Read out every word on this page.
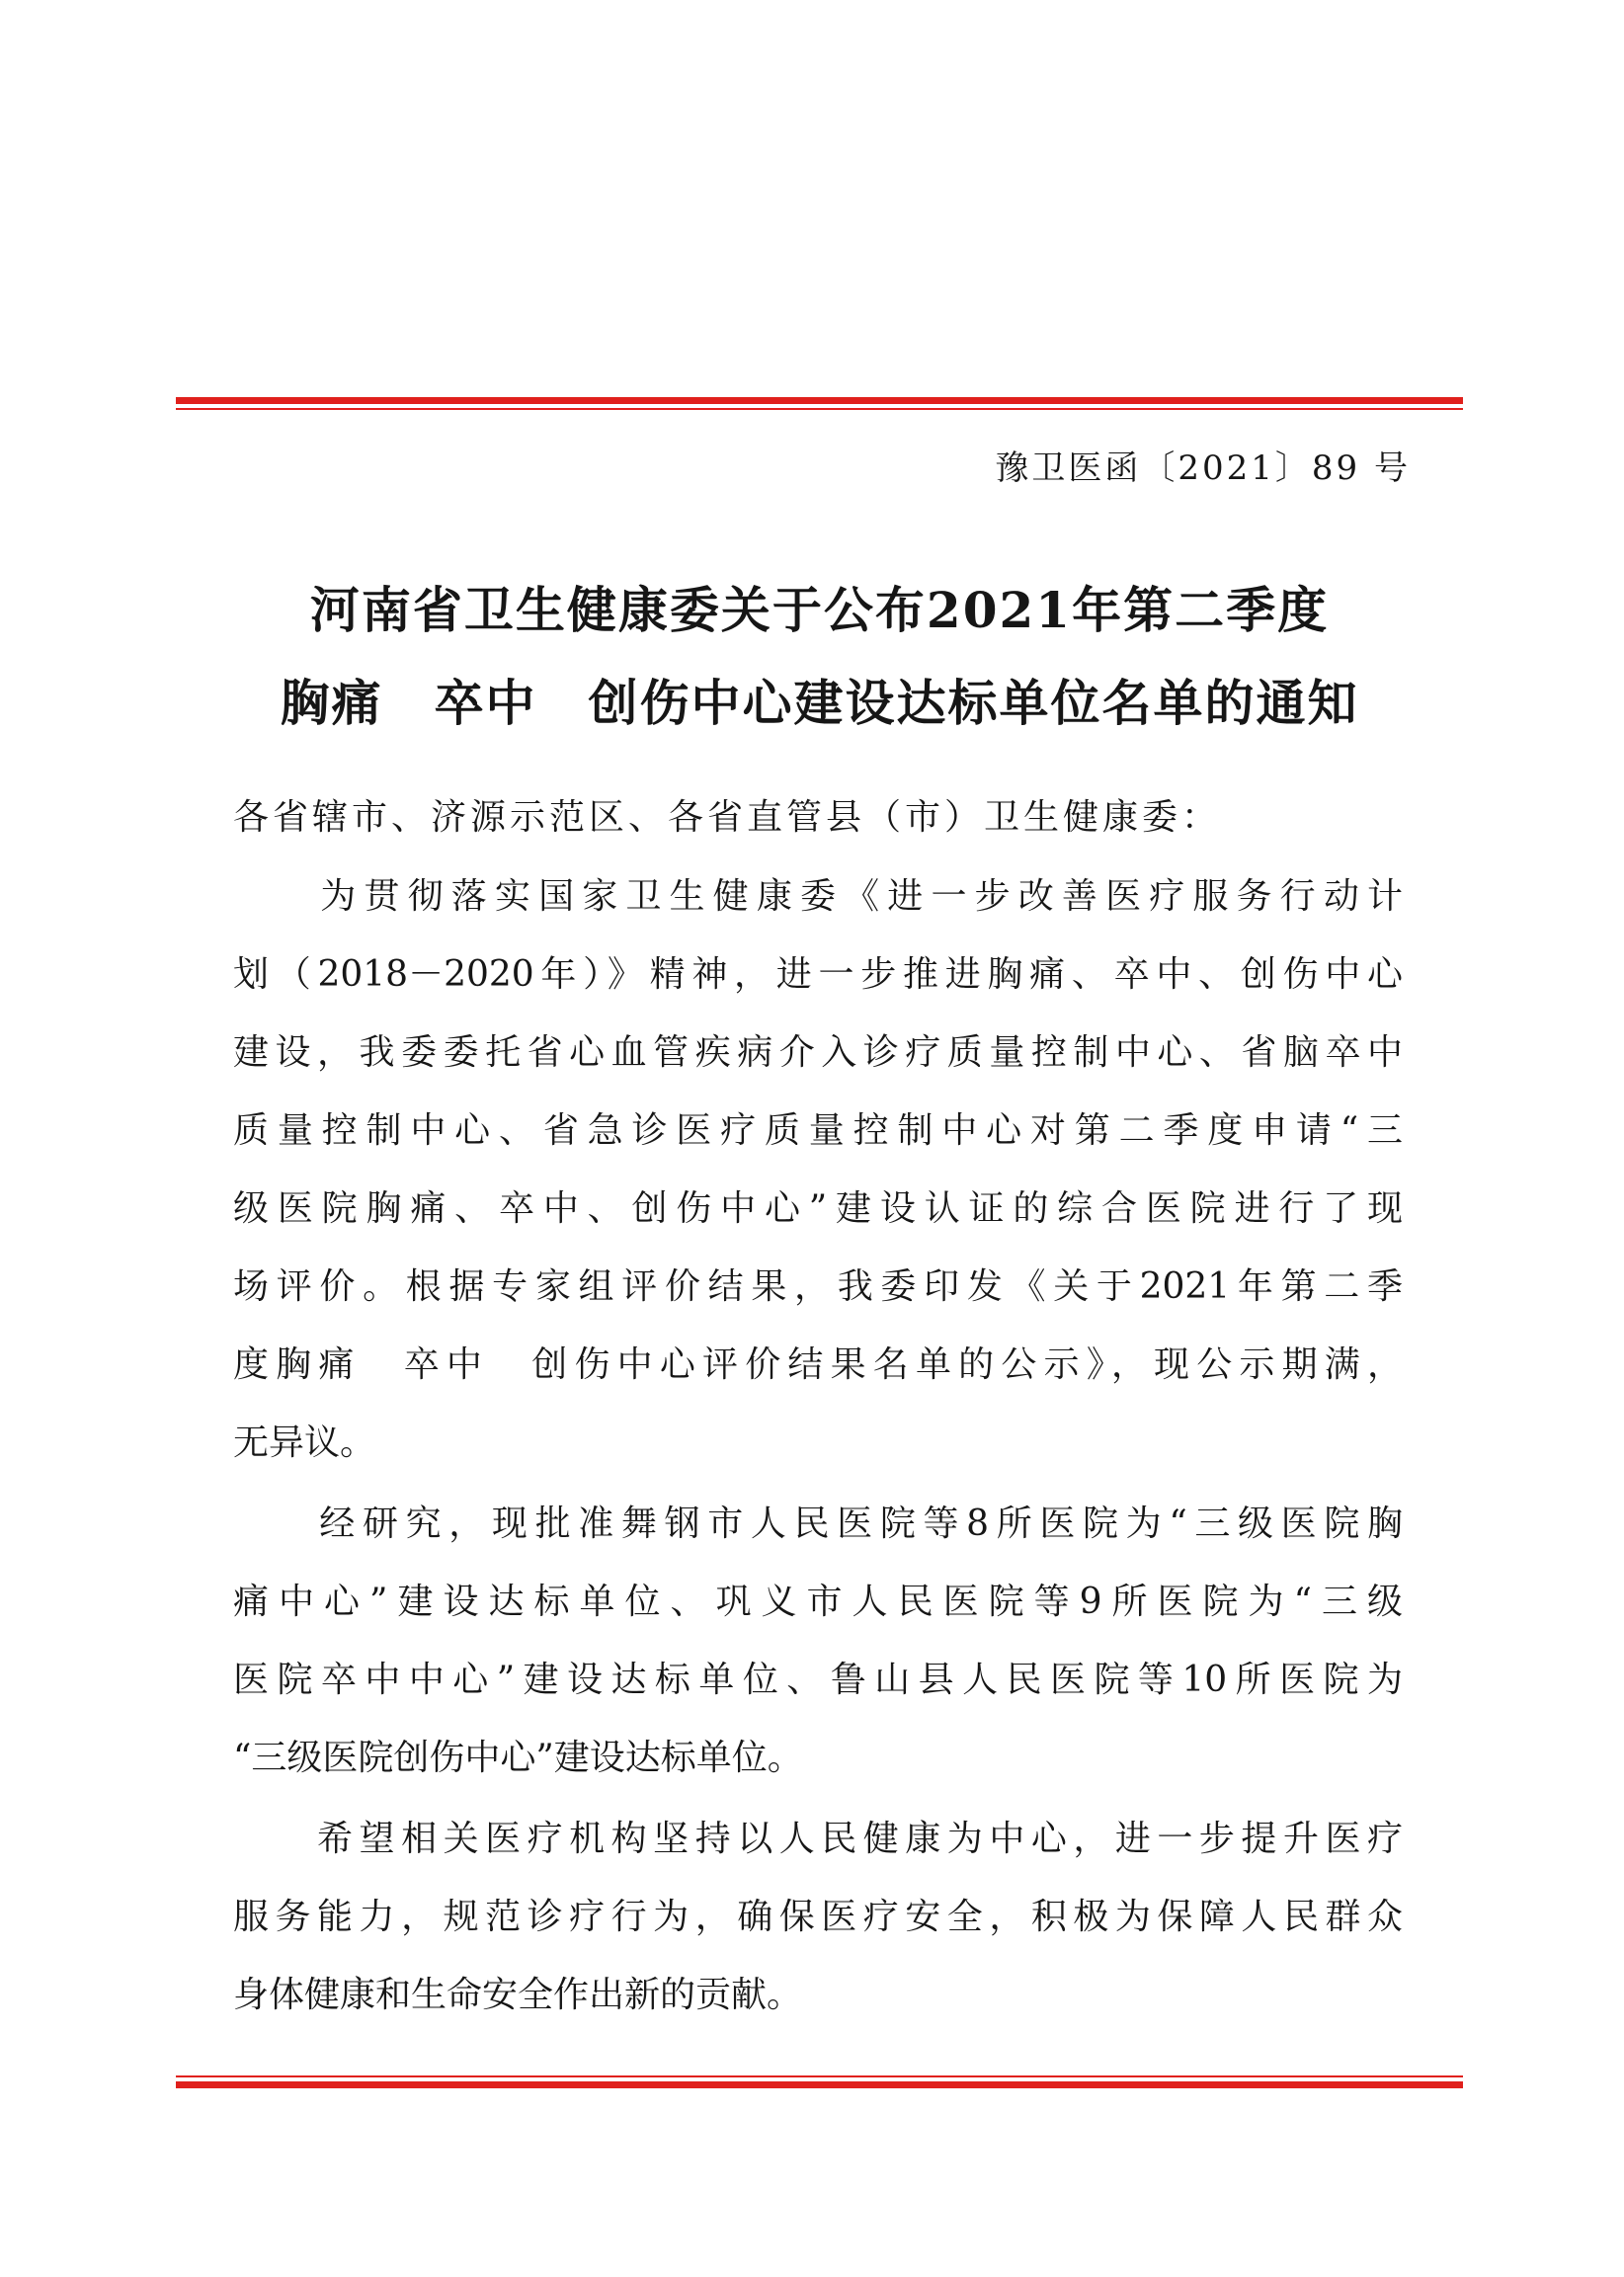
豫卫医函〔2021〕89 号
河南省卫生健康委关于公布2021年第二季度
胸痛　卒中　创伤中心建设达标单位名单的通知
各省辖市、济源示范区、各省直管县（市）卫生健康委：
　　为贯彻落实国家卫生健康委《进一步改善医疗服务行动计
划（2018－2020年）》精神，进一步推进胸痛、卒中、创伤中心
建设，我委委托省心血管疾病介入诊疗质量控制中心、省脑卒中
质量控制中心、省急诊医疗质量控制中心对第二季度申请“三
级医院胸痛、卒中、创伤中心”建设认证的综合医院进行了现
场评价。根据专家组评价结果，我委印发《关于2021年第二季
度胸痛　卒中　创伤中心评价结果名单的公示》，现公示期满，
无异议。
　　经研究，现批准舞钢市人民医院等8所医院为“三级医院胸
痛中心”建设达标单位、巩义市人民医院等9所医院为“三级
医院卒中中心”建设达标单位、鲁山县人民医院等10所医院为
“三级医院创伤中心”建设达标单位。
　　希望相关医疗机构坚持以人民健康为中心，进一步提升医疗
服务能力，规范诊疗行为，确保医疗安全，积极为保障人民群众
身体健康和生命安全作出新的贡献。
